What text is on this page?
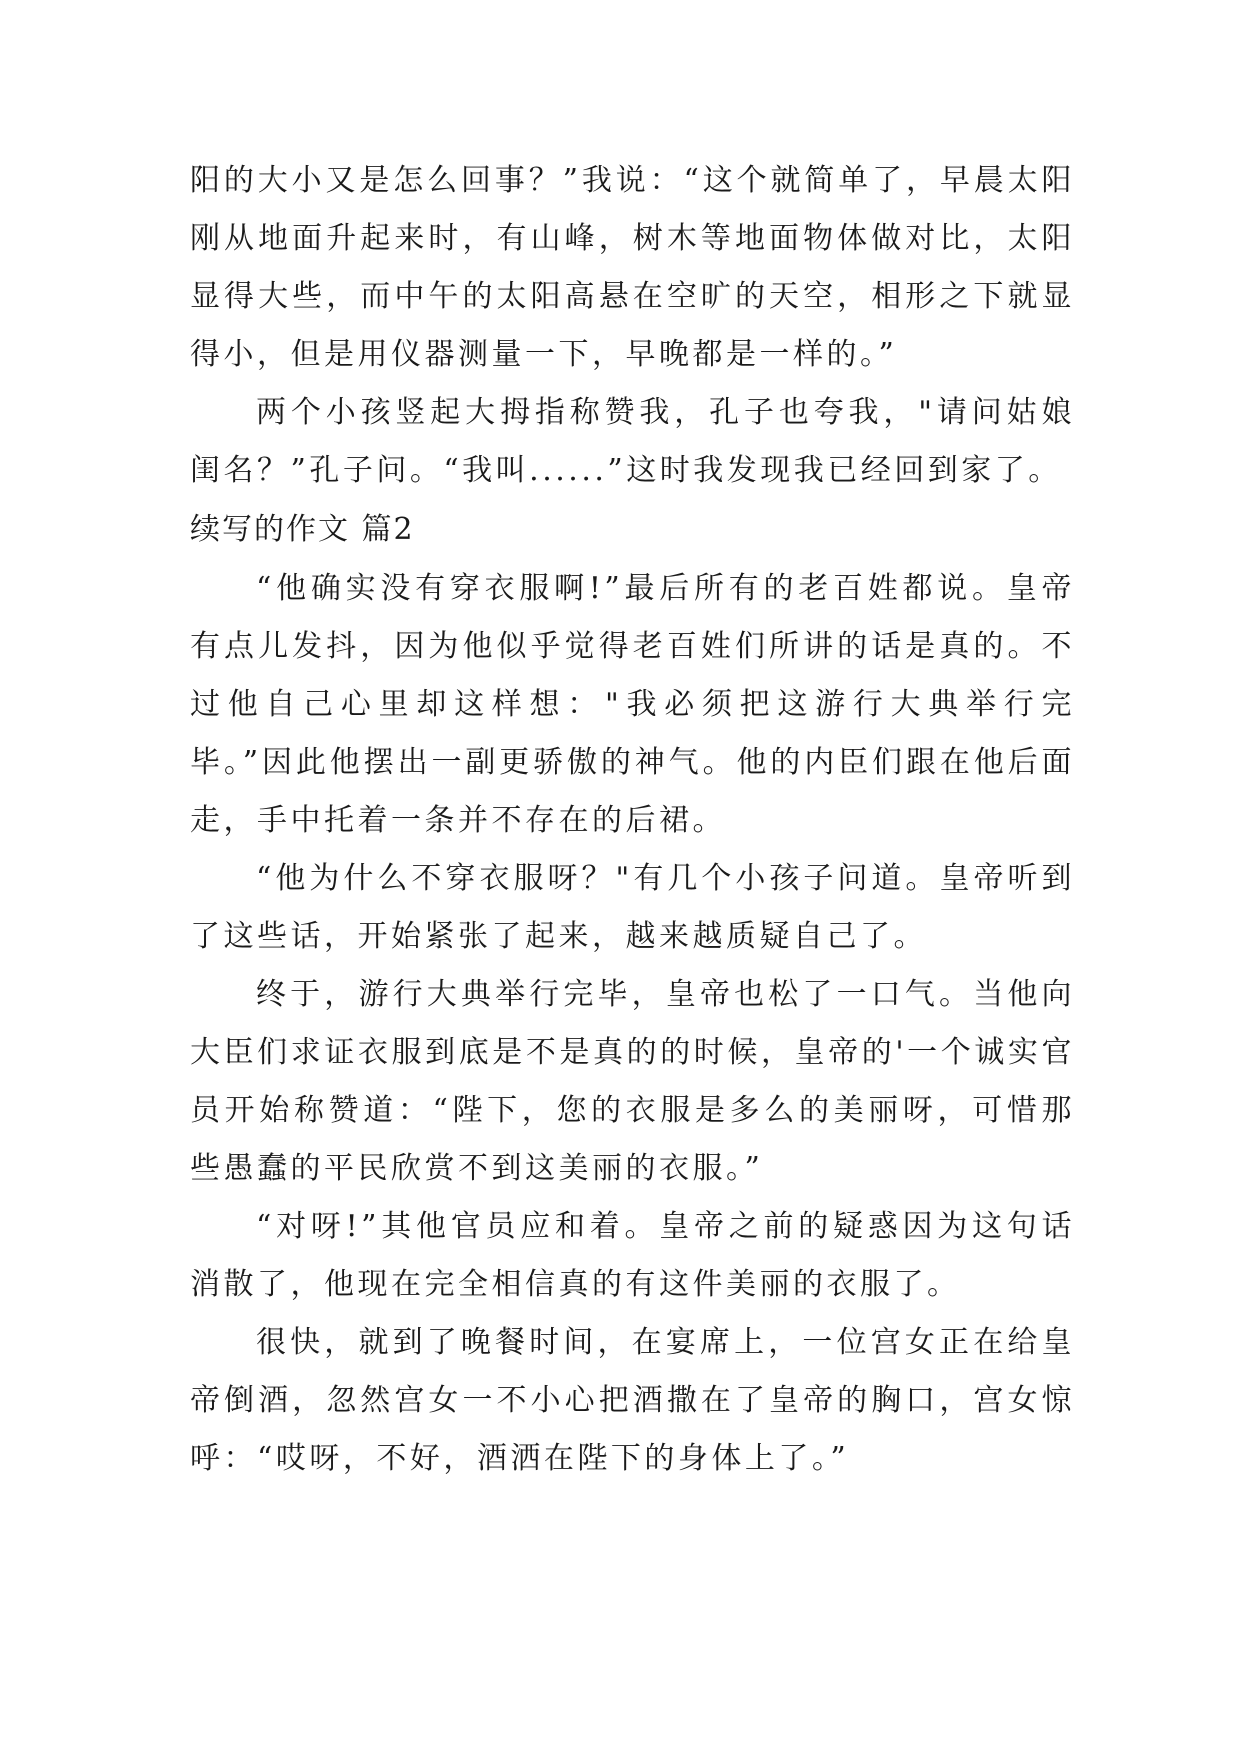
阳的大小又是怎么回事？”我说：“这个就简单了，早晨太阳刚从地面升起来时，有山峰，树木等地面物体做对比，太阳显得大些，而中午的太阳高悬在空旷的天空，相形之下就显得小，但是用仪器测量一下，早晚都是一样的。”

两个小孩竖起大拇指称赞我，孔子也夸我，"请问姑娘闺名？”孔子问。“我叫......”这时我发现我已经回到家了。

续写的作文 篇2

“他确实没有穿衣服啊!”最后所有的老百姓都说。皇帝有点儿发抖，因为他似乎觉得老百姓们所讲的话是真的。不过他自己心里却这样想："我必须把这游行大典举行完毕。”因此他摆出一副更骄傲的神气。他的内臣们跟在他后面走，手中托着一条并不存在的后裙。

“他为什么不穿衣服呀？"有几个小孩子问道。皇帝听到了这些话，开始紧张了起来，越来越质疑自己了。

终于，游行大典举行完毕，皇帝也松了一口气。当他向大臣们求证衣服到底是不是真的的时候，皇帝的'一个诚实官员开始称赞道：“陛下，您的衣服是多么的美丽呀，可惜那些愚蠢的平民欣赏不到这美丽的衣服。”

“对呀!”其他官员应和着。皇帝之前的疑惑因为这句话消散了，他现在完全相信真的有这件美丽的衣服了。

很快，就到了晚餐时间，在宴席上，一位宫女正在给皇帝倒酒，忽然宫女一不小心把酒撒在了皇帝的胸口，宫女惊呼：“哎呀，不好，酒洒在陛下的身体上了。”
